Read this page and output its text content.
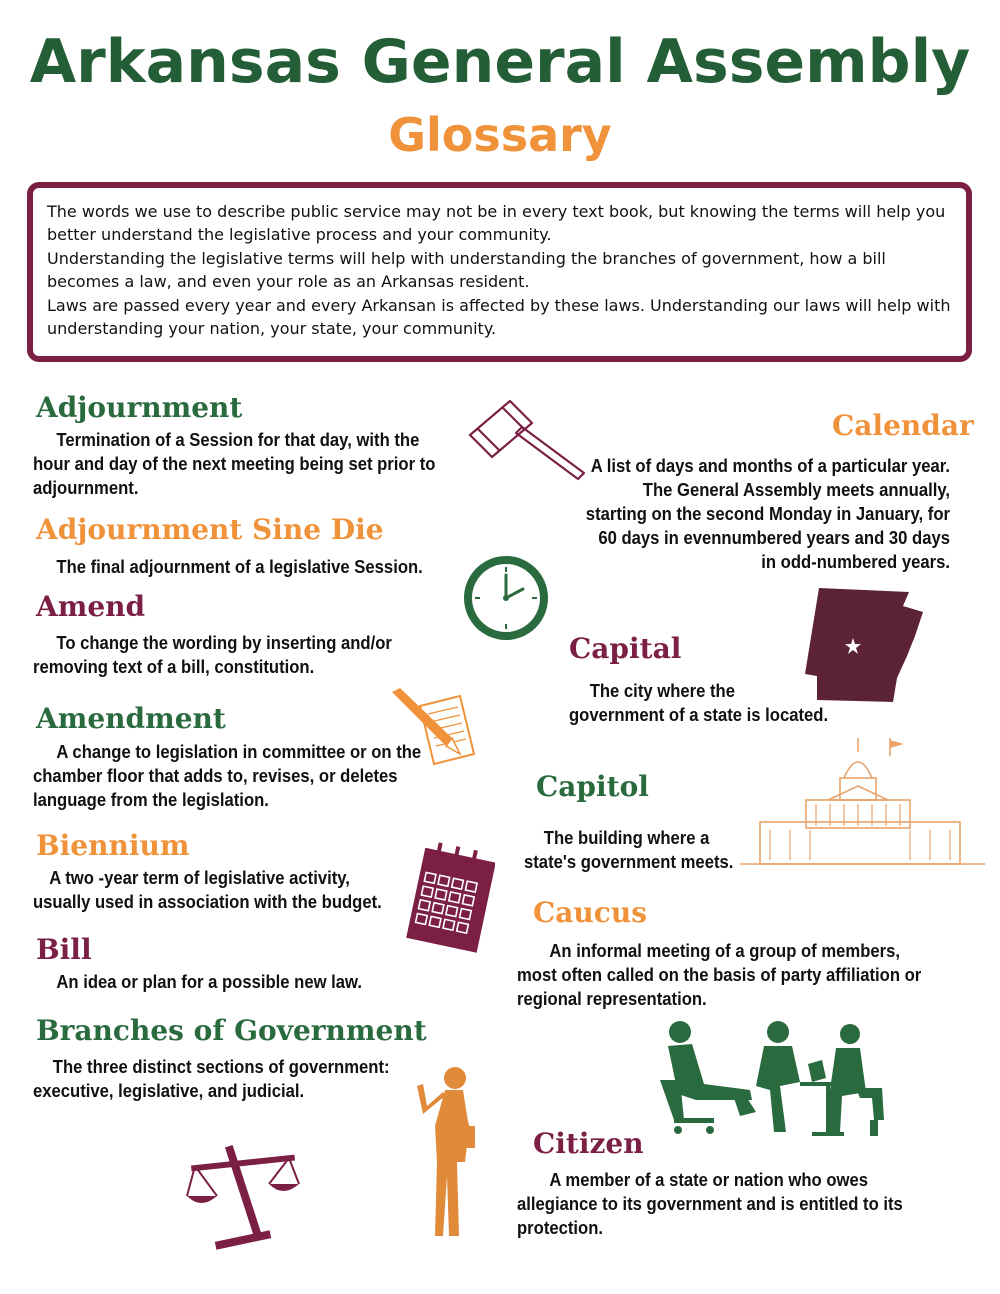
Arkansas General Assembly
Glossary

The words we use to describe public service may not be in every text book, but knowing the terms will help you better understand the legislative process and your community.

Understanding the legislative terms will help with understanding the branches of government, how a bill becomes a law, and even your role as an Arkansas resident.

Laws are passed every year and every Arkansan is affected by these laws. Understanding our laws will help with understanding your nation, your state, your community.

Adjournment
Termination of a Session for that day, with the hour and day of the next meeting being set prior to adjournment.
Adjournment Sine Die
The final adjournment of a legislative Session.
Amend
To change the wording by inserting and/or removing text of a bill, constitution.
Amendment
A change to legislation in committee or on the chamber floor that adds to, revises, or deletes language from the legislation.
Biennium
A two -year term of legislative activity, usually used in association with the budget.
Bill
An idea or plan for a possible new law.
Branches of Government
The three distinct sections of government: executive, legislative, and judicial.
Calendar
A list of days and months of a particular year. The General Assembly meets annually, starting on the second Monday in January, for 60 days in evennumbered years and 30 days in odd-numbered years.
Capital
The city where the
government of a state is located.
Capitol
The building where a
state's government meets.
Caucus
An informal meeting of a group of members, most often called on the basis of party affiliation or regional representation.
Citizen
A member of a state or nation who owes allegiance to its government and is entitled to its protection.
